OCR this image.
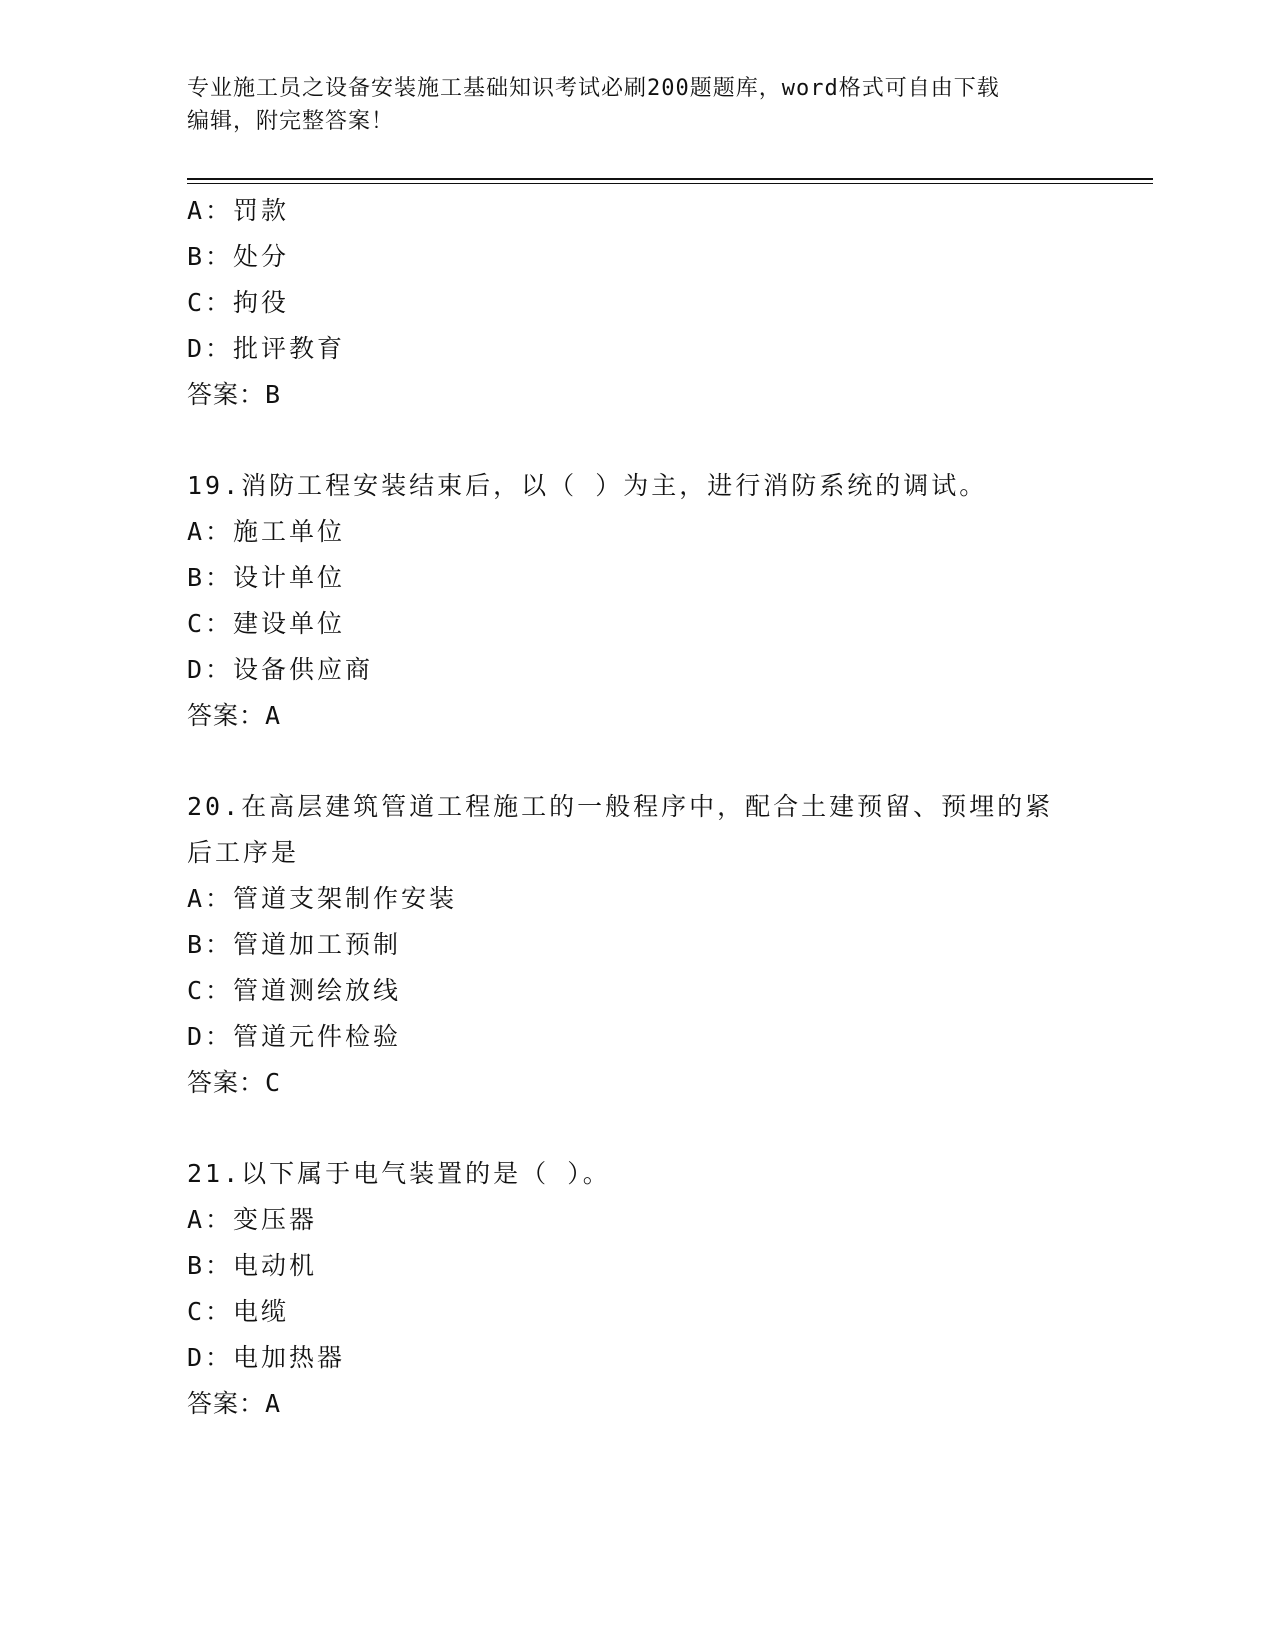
专业施工员之设备安装施工基础知识考试必刷200题题库，word格式可自由下载
编辑，附完整答案！
A：罚款
B：处分
C：拘役
D：批评教育
答案：B
19.消防工程安装结束后，以（ ）为主，进行消防系统的调试。
A：施工单位
B：设计单位
C：建设单位
D：设备供应商
答案：A
20.在高层建筑管道工程施工的一般程序中，配合土建预留、预埋的紧
后工序是
A：管道支架制作安装
B：管道加工预制
C：管道测绘放线
D：管道元件检验
答案：C
21.以下属于电气装置的是（ ）。
A：变压器
B：电动机
C：电缆
D：电加热器
答案：A
